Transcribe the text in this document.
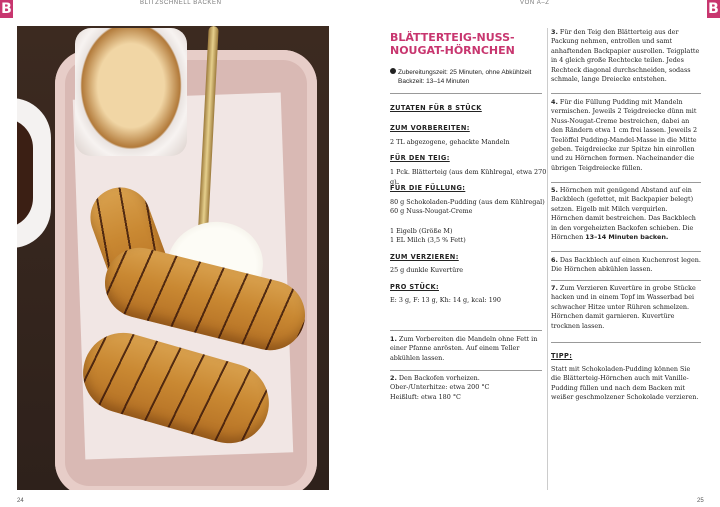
B	BLITZSCHNELL BACKEN	VON A–Z	B
BLÄTTERTEIG-NUSS-NOUGAT-HÖRNCHEN
Zubereitungszeit: 25 Minuten, ohne Abkühlzeit
Backzeit: 13–14 Minuten
ZUTATEN FÜR 8 STÜCK
ZUM VORBEREITEN:
2 TL abgezogene, gehackte Mandeln
FÜR DEN TEIG:
1 Pck. Blätterteig (aus dem Kühlregal, etwa 270 g)
FÜR DIE FÜLLUNG:
80 g Schokoladen-Pudding (aus dem Kühlregal)
60 g Nuss-Nougat-Creme
1 Eigelb (Größe M)
1 EL Milch (3,5 % Fett)
ZUM VERZIEREN:
25 g dunkle Kuvertüre
PRO STÜCK:
E: 3 g, F: 13 g, Kh: 14 g, kcal: 190
1. Zum Vorbereiten die Mandeln ohne Fett in einer Pfanne anrösten. Auf einem Teller abkühlen lassen.
2. Den Backofen vorheizen.
Ober-/Unterhitze: etwa 200 °C
Heißluft: etwa 180 °C
3. Für den Teig den Blätterteig aus der Packung nehmen, entrollen und samt anhaftenden Backpapier ausrollen. Teigplatte in 4 gleich große Rechtecke teilen. Jedes Rechteck diagonal durchschneiden, sodass schmale, lange Dreiecke entstehen.
4. Für die Füllung Pudding mit Mandeln vermischen. Jeweils 2 Teigdreiecke dünn mit Nuss-Nougat-Creme bestreichen, dabei an den Rändern etwa 1 cm frei lassen. Jeweils 2 Teelöffel Pudding-Mandel-Masse in die Mitte geben. Teigdreiecke zur Spitze hin einrollen und zu Hörnchen formen. Nacheinander die übrigen Teigdreiecke füllen.
5. Hörnchen mit genügend Abstand auf ein Backblech (gefettet, mit Backpapier belegt) setzen. Eigelb mit Milch verquirlen. Hörnchen damit bestreichen. Das Backblech in den vorgeheizten Backofen schieben. Die Hörnchen 13–14 Minuten backen.
6. Das Backblech auf einen Kuchenrost legen. Die Hörnchen abkühlen lassen.
7. Zum Verzieren Kuvertüre in grobe Stücke hacken und in einem Topf im Wasserbad bei schwacher Hitze unter Rühren schmelzen. Hörnchen damit garnieren. Kuvertüre trocknen lassen.
TIPP:
Statt mit Schokoladen-Pudding können Sie die Blätterteig-Hörnchen auch mit Vanille-Pudding füllen und nach dem Backen mit weißer geschmolzener Schokolade verzieren.
24	25
